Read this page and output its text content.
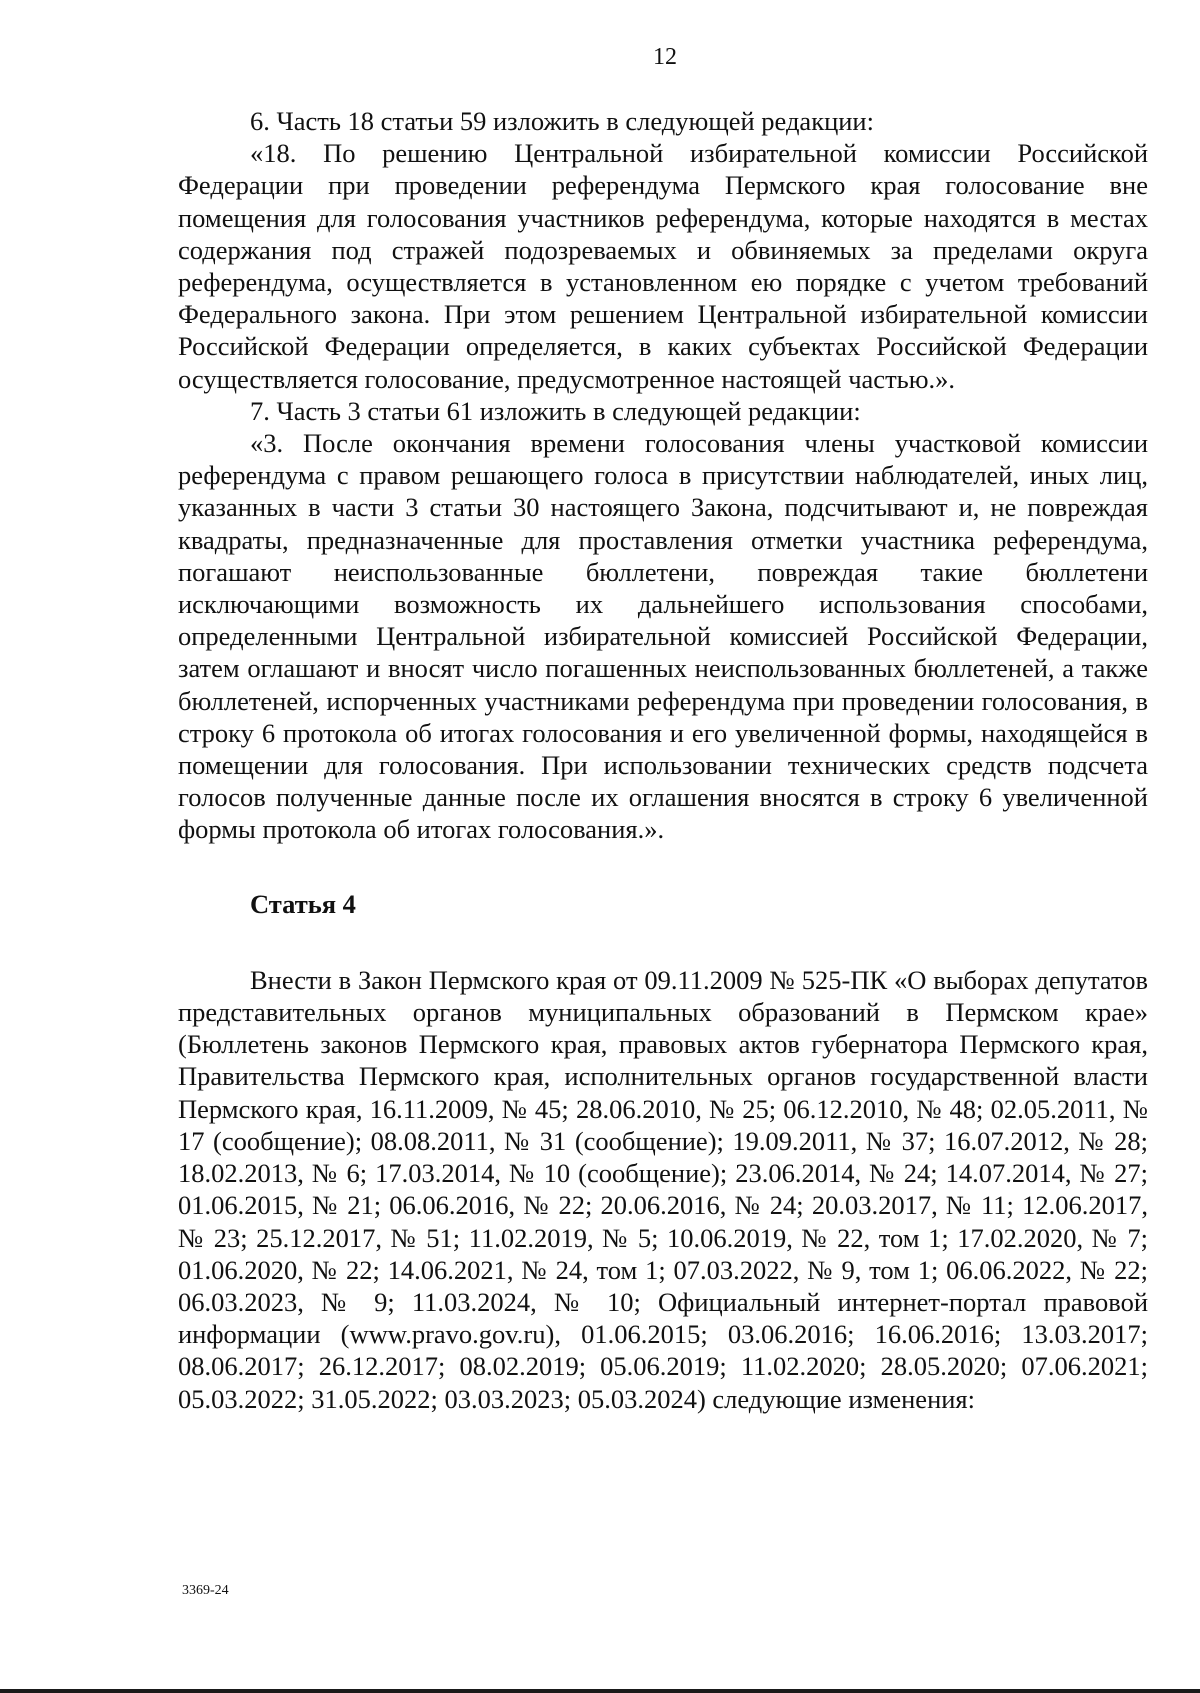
12

6. Часть 18 статьи 59 изложить в следующей редакции:

«18. По решению Центральной избирательной комиссии Российской Федерации при проведении референдума Пермского края голосование вне помещения для голосования участников референдума, которые находятся в местах содержания под стражей подозреваемых и обвиняемых за пределами округа референдума, осуществляется в установленном ею порядке с учетом требований Федерального закона. При этом решением Центральной избирательной комиссии Российской Федерации определяется, в каких субъектах Российской Федерации осуществляется голосование, предусмотренное настоящей частью.».

7. Часть 3 статьи 61 изложить в следующей редакции:

«3. После окончания времени голосования члены участковой комиссии референдума с правом решающего голоса в присутствии наблюдателей, иных лиц, указанных в части 3 статьи 30 настоящего Закона, подсчитывают и, не повреждая квадраты, предназначенные для проставления отметки участника референдума, погашают неиспользованные бюллетени, повреждая такие бюллетени исключающими возможность их дальнейшего использования способами, определенными Центральной избирательной комиссией Российской Федерации, затем оглашают и вносят число погашенных неиспользованных бюллетеней, а также бюллетеней, испорченных участниками референдума при проведении голосования, в строку 6 протокола об итогах голосования и его увеличенной формы, находящейся в помещении для голосования. При использовании технических средств подсчета голосов полученные данные после их оглашения вносятся в строку 6 увеличенной формы протокола об итогах голосования.».

Статья 4

Внести в Закон Пермского края от 09.11.2009 № 525-ПК «О выборах депутатов представительных органов муниципальных образований в Пермском крае» (Бюллетень законов Пермского края, правовых актов губернатора Пермского края, Правительства Пермского края, исполнительных органов государственной власти Пермского края, 16.11.2009, № 45; 28.06.2010, № 25; 06.12.2010, № 48; 02.05.2011, № 17 (сообщение); 08.08.2011, № 31 (сообщение); 19.09.2011, № 37; 16.07.2012, № 28; 18.02.2013, № 6; 17.03.2014, № 10 (сообщение); 23.06.2014, № 24; 14.07.2014, № 27; 01.06.2015, № 21; 06.06.2016, № 22; 20.06.2016, № 24; 20.03.2017, № 11; 12.06.2017, № 23; 25.12.2017, № 51; 11.02.2019, № 5; 10.06.2019, № 22, том 1; 17.02.2020, № 7; 01.06.2020, № 22; 14.06.2021, № 24, том 1; 07.03.2022, № 9, том 1; 06.06.2022, № 22; 06.03.2023, № 9; 11.03.2024, № 10; Официальный интернет-портал правовой информации (www.pravo.gov.ru), 01.06.2015; 03.06.2016; 16.06.2016; 13.03.2017; 08.06.2017; 26.12.2017; 08.02.2019; 05.06.2019; 11.02.2020; 28.05.2020; 07.06.2021; 05.03.2022; 31.05.2022; 03.03.2023; 05.03.2024) следующие изменения:

3369-24
